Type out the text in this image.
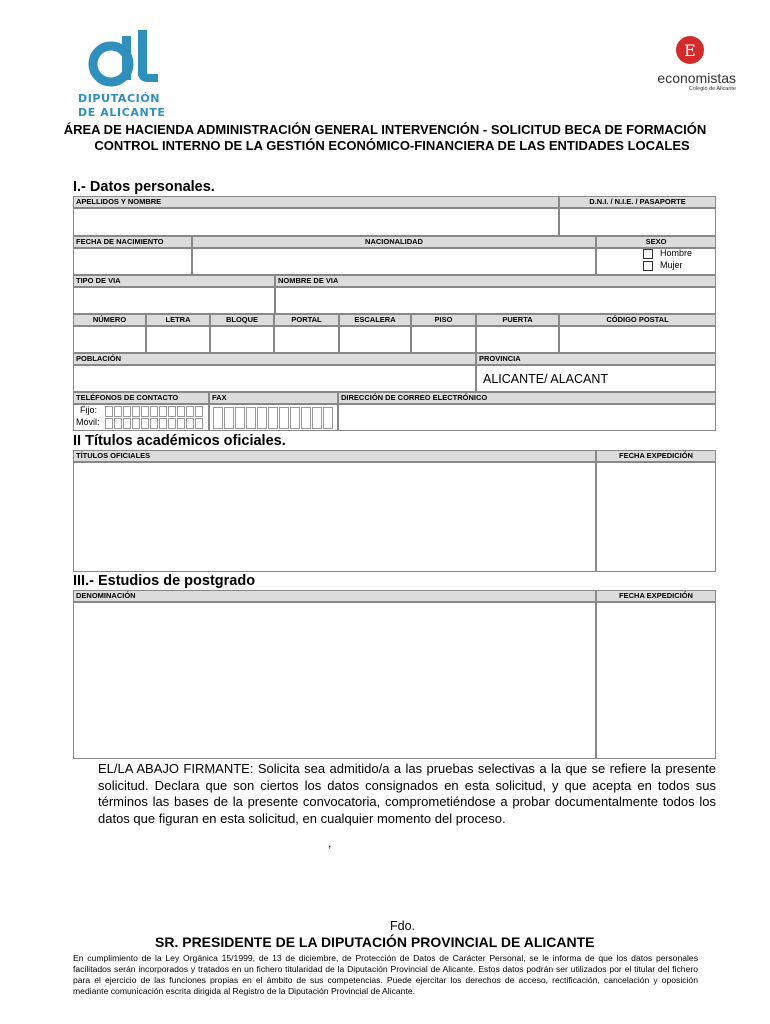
DIPUTACIÓN
DE ALICANTE
E
economistas
Colegio de Alicante
ÁREA DE HACIENDA ADMINISTRACIÓN GENERAL INTERVENCIÓN - SOLICITUD BECA DE FORMACIÓN
CONTROL INTERNO DE LA GESTIÓN ECONÓMICO-FINANCIERA DE LAS ENTIDADES LOCALES
I.- Datos personales.
APELLIDOS Y NOMBRE	D.N.I. / N.I.E. / PASAPORTE
FECHA DE NACIMIENTO	NACIONALIDAD	SEXO
Hombre
Mujer
TIPO DE VIA	NOMBRE DE VIA
NÚMERO	LETRA	BLOQUE	PORTAL	ESCALERA	PISO	PUERTA	CÓDIGO POSTAL
POBLACIÓN	PROVINCIA
ALICANTE/ ALACANT
TELÉFONOS DE CONTACTO	FAX	DIRECCIÓN DE CORREO ELECTRÓNICO
Fijo:
Móvil:
II Títulos académicos oficiales.
TÍTULOS OFICIALES	FECHA EXPEDICIÓN
III.- Estudios de postgrado
DENOMINACIÓN	FECHA EXPEDICIÓN
EL/LA ABAJO FIRMANTE: Solicita sea admitido/a a las pruebas selectivas a la que se refiere la presente solicitud. Declara que son ciertos los datos consignados en esta solicitud, y que acepta en todos sus términos las bases de la presente convocatoria, comprometiéndose a probar documentalmente todos los datos que figuran en esta solicitud, en cualquier momento del proceso.
,
Fdo.
SR. PRESIDENTE DE LA DIPUTACIÓN PROVINCIAL DE ALICANTE
En cumplimiento de la Ley Orgánica 15/1999, de 13 de diciembre, de Protección de Datos de Carácter Personal, se le informa de que los datos personales facilitados serán incorporados y tratados en un fichero titularidad de la Diputación Provincial de Alicante. Estos datos podrán ser utilizados por el titular del fichero para el ejercicio de las funciones propias en el ámbito de sus competencias. Puede ejercitar los derechos de acceso, rectificación, cancelación y oposición mediante comunicación escrita dirigida al Registro de la Diputación Provincial de Alicante.
